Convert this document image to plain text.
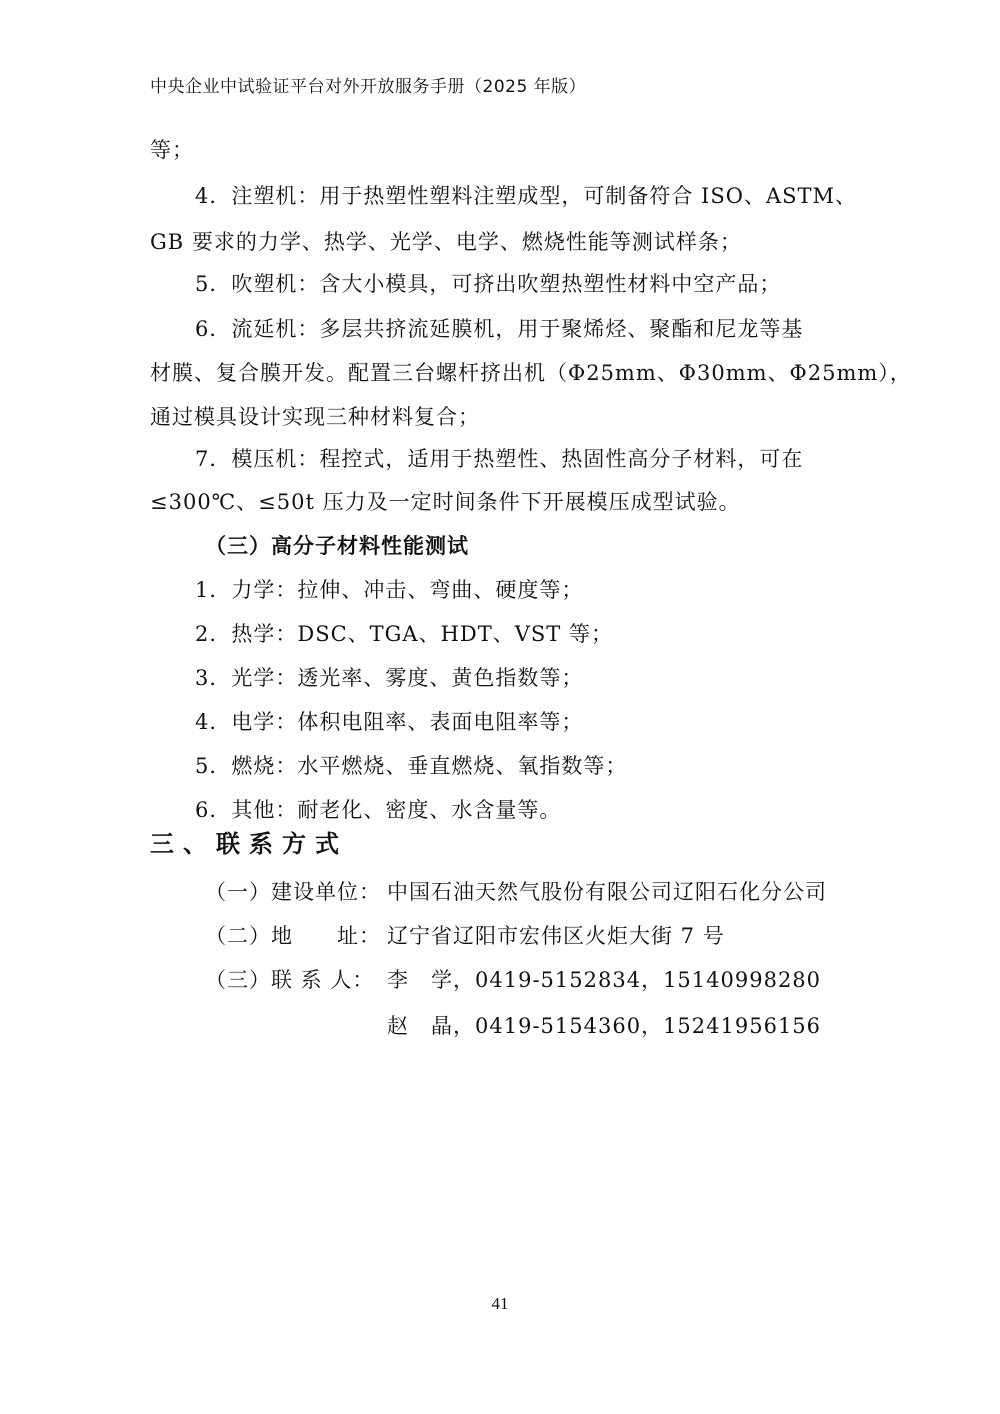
中央企业中试验证平台对外开放服务手册（2025 年版）
等；
4．注塑机：用于热塑性塑料注塑成型，可制备符合 ISO、ASTM、
GB 要求的力学、热学、光学、电学、燃烧性能等测试样条；
5．吹塑机：含大小模具，可挤出吹塑热塑性材料中空产品；
6．流延机：多层共挤流延膜机，用于聚烯烃、聚酯和尼龙等基
材膜、复合膜开发。配置三台螺杆挤出机（Φ25mm、Φ30mm、Φ25mm），
通过模具设计实现三种材料复合；
7．模压机：程控式，适用于热塑性、热固性高分子材料，可在
≤300℃、≤50t 压力及一定时间条件下开展模压成型试验。
（三）高分子材料性能测试
1．力学：拉伸、冲击、弯曲、硬度等；
2．热学：DSC、TGA、HDT、VST 等；
3．光学：透光率、雾度、黄色指数等；
4．电学：体积电阻率、表面电阻率等；
5．燃烧：水平燃烧、垂直燃烧、氧指数等；
6．其他：耐老化、密度、水含量等。
三、联系方式
（一）建设单位： 中国石油天然气股份有限公司辽阳石化分公司
（二）地　　址： 辽宁省辽阳市宏伟区火炬大街 7 号
（三）联 系 人： 李　学，0419-5152834，15140998280
赵　晶，0419-5154360，15241956156
41
